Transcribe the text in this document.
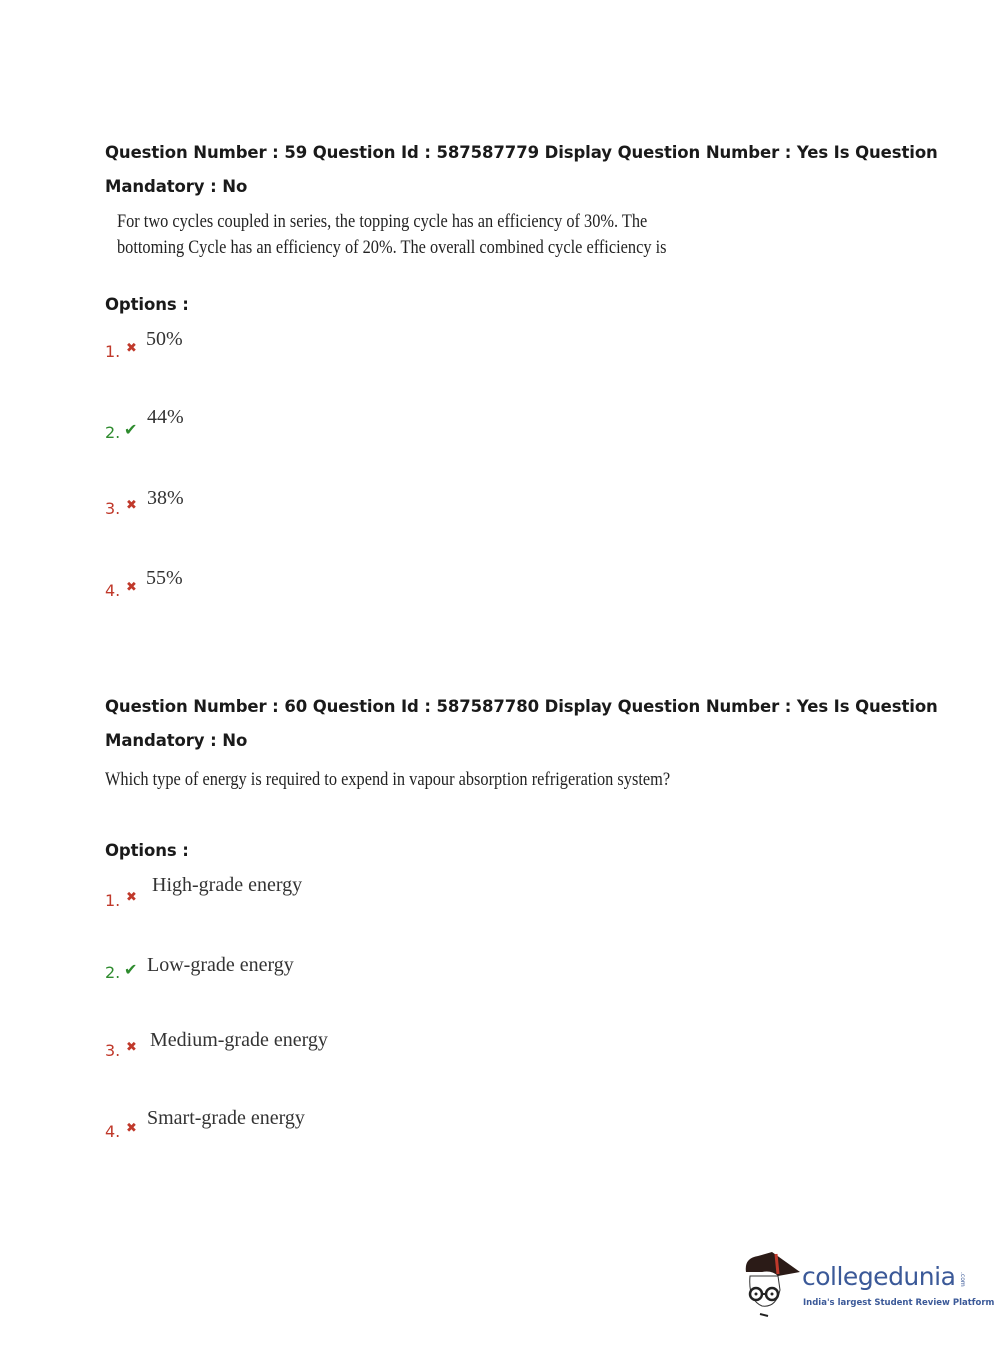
Question Number : 59 Question Id : 587587779 Display Question Number : Yes Is Question
Mandatory : No
For two cycles coupled in series, the topping cycle has an efficiency of 30%. The
bottoming Cycle has an efficiency of 20%. The overall combined cycle efficiency is
Options :
1. ✖ 50%
2. ✔
44%
3. ✖ 38%
4. ✖ 55%
Question Number : 60 Question Id : 587587780 Display Question Number : Yes Is Question
Mandatory : No
Which type of energy is required to expend in vapour absorption refrigeration system?
Options :
1. ✖
High-grade energy
2. ✔ Low-grade energy
3. ✖ Medium-grade energy
4. ✖ Smart-grade energy
collegedunia .com
India's largest Student Review Platform
